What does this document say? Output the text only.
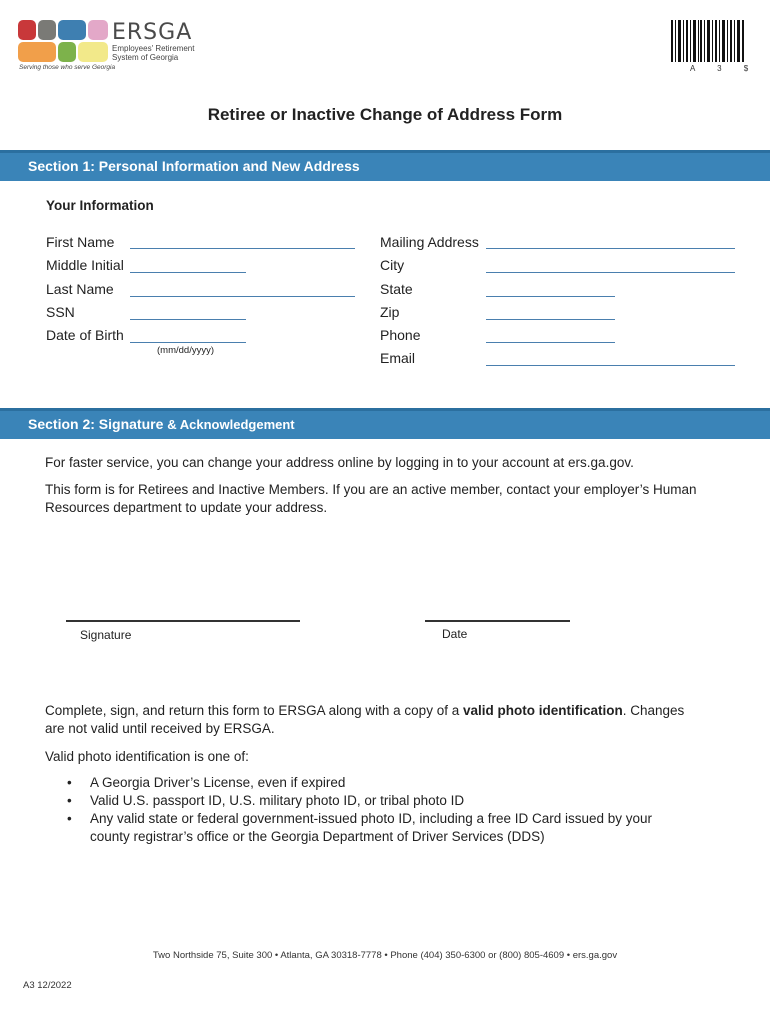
ERSGA
Employees' Retirement
System of Georgia
Serving those who serve Georgia	A 3 $
Retiree or Inactive Change of Address Form
Section 1: Personal Information and New Address
Your Information
First Name
Middle Initial
Last Name
SSN
Date of Birth
(mm/dd/yyyy)
Mailing Address
City
State
Zip
Phone
Email
Section 2: Signature & Acknowledgement
For faster service, you can change your address online by logging in to your account at ers.ga.gov.
This form is for Retirees and Inactive Members. If you are an active member, contact your employer’s Human
Resources department to update your address.
Signature	Date
Complete, sign, and return this form to ERSGA along with a copy of a valid photo identification. Changes
are not valid until received by ERSGA.
Valid photo identification is one of:
• A Georgia Driver’s License, even if expired
• Valid U.S. passport ID, U.S. military photo ID, or tribal photo ID
• Any valid state or federal government-issued photo ID, including a free ID Card issued by your county registrar’s office or the Georgia Department of Driver Services (DDS)
Two Northside 75, Suite 300 • Atlanta, GA 30318-7778 • Phone (404) 350-6300 or (800) 805-4609 • ers.ga.gov
A3 12/2022
